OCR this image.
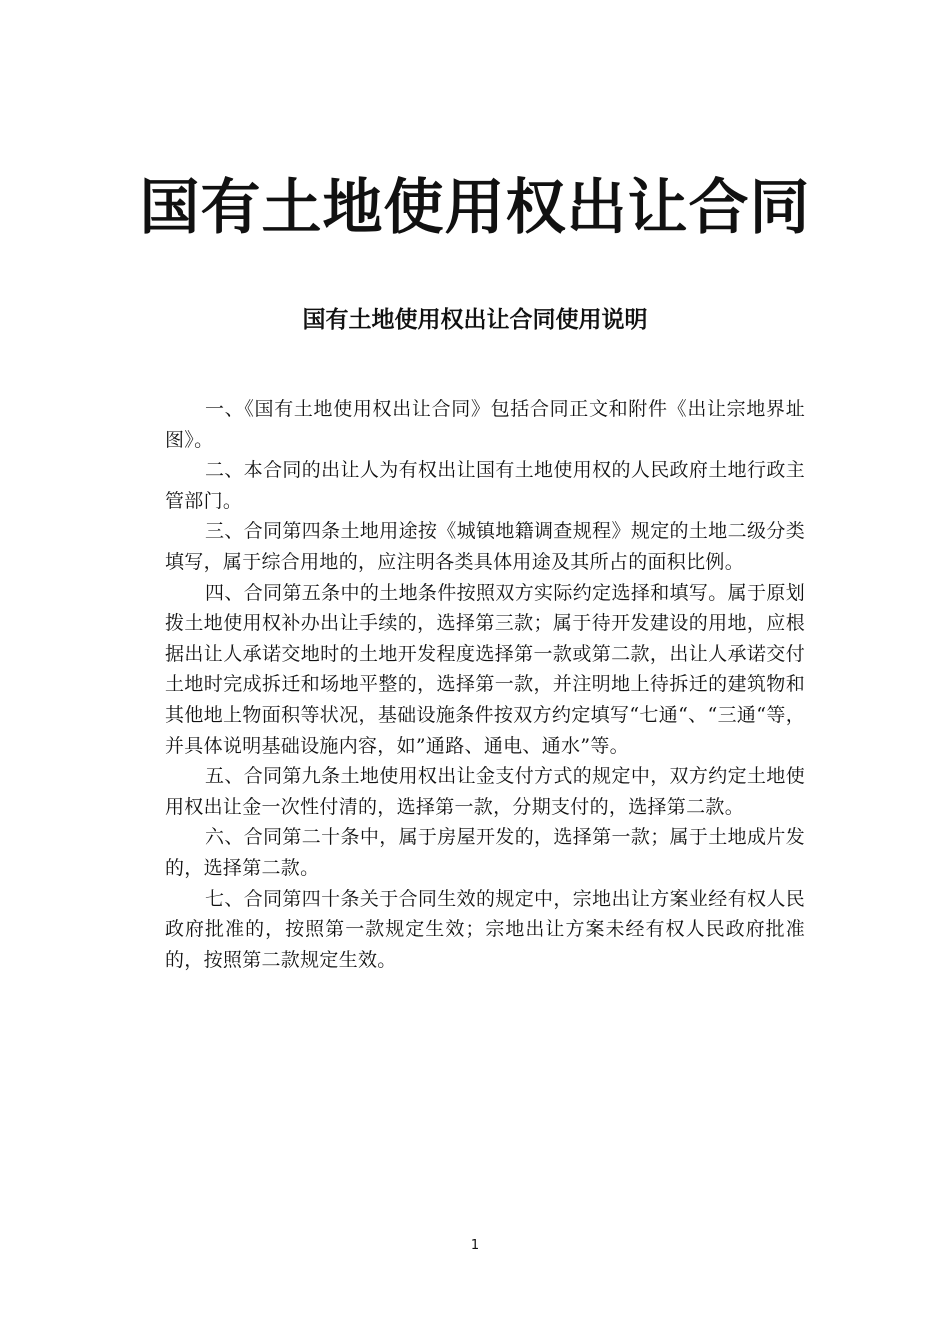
国有土地使用权出让合同
国有土地使用权出让合同使用说明

一、《国有土地使用权出让合同》包括合同正文和附件《出让宗地界址图》。

二、本合同的出让人为有权出让国有土地使用权的人民政府土地行政主管部门。

三、合同第四条土地用途按《城镇地籍调查规程》规定的土地二级分类填写，属于综合用地的，应注明各类具体用途及其所占的面积比例。

四、合同第五条中的土地条件按照双方实际约定选择和填写。属于原划拨土地使用权补办出让手续的，选择第三款；属于待开发建设的用地，应根据出让人承诺交地时的土地开发程度选择第一款或第二款，出让人承诺交付土地时完成拆迁和场地平整的，选择第一款，并注明地上待拆迁的建筑物和其他地上物面积等状况，基础设施条件按双方约定填写“七通“、“三通“等，并具体说明基础设施内容，如”通路、通电、通水”等。

五、合同第九条土地使用权出让金支付方式的规定中，双方约定土地使用权出让金一次性付清的，选择第一款，分期支付的，选择第二款。

六、合同第二十条中，属于房屋开发的，选择第一款；属于土地成片发的，选择第二款。

七、合同第四十条关于合同生效的规定中，宗地出让方案业经有权人民政府批准的，按照第一款规定生效；宗地出让方案未经有权人民政府批准的，按照第二款规定生效。

1
